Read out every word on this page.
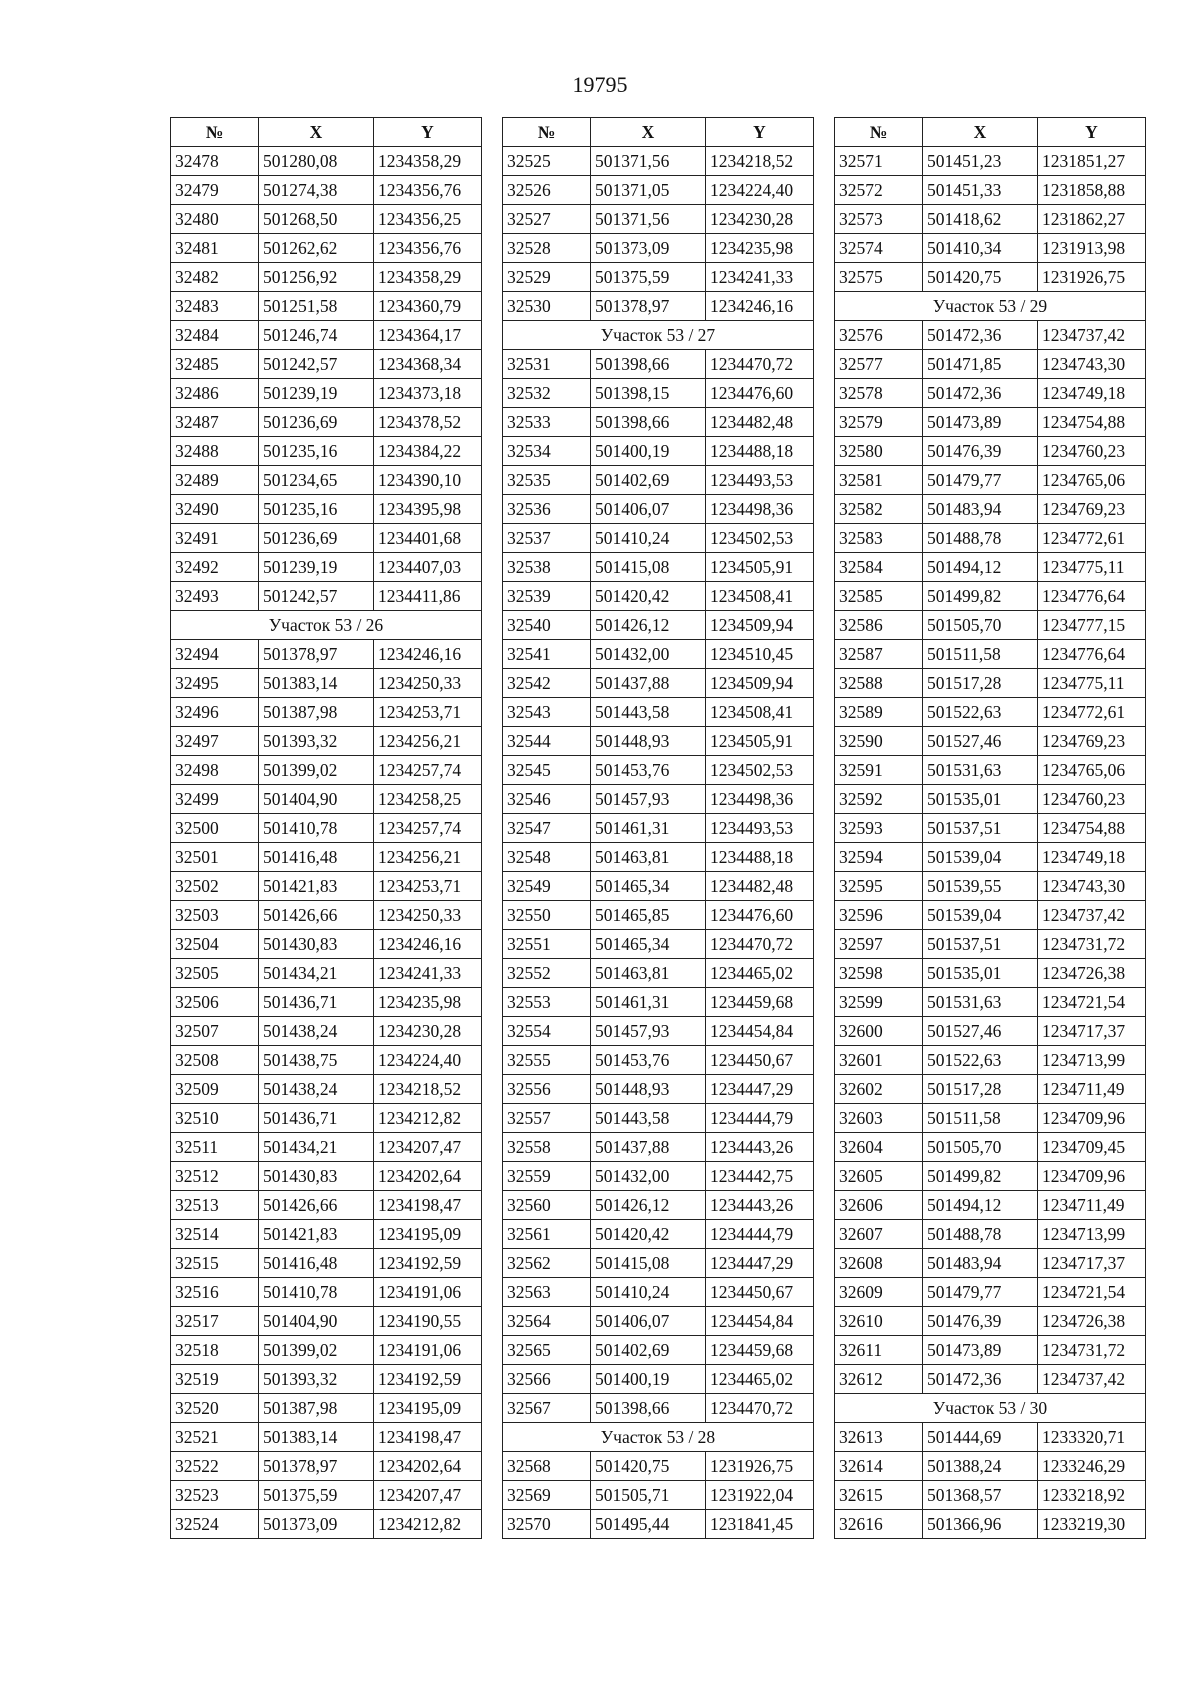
19795
№	X	Y
32478	501280,08	1234358,29
32479	501274,38	1234356,76
32480	501268,50	1234356,25
32481	501262,62	1234356,76
32482	501256,92	1234358,29
32483	501251,58	1234360,79
32484	501246,74	1234364,17
32485	501242,57	1234368,34
32486	501239,19	1234373,18
32487	501236,69	1234378,52
32488	501235,16	1234384,22
32489	501234,65	1234390,10
32490	501235,16	1234395,98
32491	501236,69	1234401,68
32492	501239,19	1234407,03
32493	501242,57	1234411,86
Участок 53 / 26		
32494	501378,97	1234246,16
32495	501383,14	1234250,33
32496	501387,98	1234253,71
32497	501393,32	1234256,21
32498	501399,02	1234257,74
32499	501404,90	1234258,25
32500	501410,78	1234257,74
32501	501416,48	1234256,21
32502	501421,83	1234253,71
32503	501426,66	1234250,33
32504	501430,83	1234246,16
32505	501434,21	1234241,33
32506	501436,71	1234235,98
32507	501438,24	1234230,28
32508	501438,75	1234224,40
32509	501438,24	1234218,52
32510	501436,71	1234212,82
32511	501434,21	1234207,47
32512	501430,83	1234202,64
32513	501426,66	1234198,47
32514	501421,83	1234195,09
32515	501416,48	1234192,59
32516	501410,78	1234191,06
32517	501404,90	1234190,55
32518	501399,02	1234191,06
32519	501393,32	1234192,59
32520	501387,98	1234195,09
32521	501383,14	1234198,47
32522	501378,97	1234202,64
32523	501375,59	1234207,47
32524	501373,09	1234212,82
№	X	Y
32525	501371,56	1234218,52
32526	501371,05	1234224,40
32527	501371,56	1234230,28
32528	501373,09	1234235,98
32529	501375,59	1234241,33
32530	501378,97	1234246,16
Участок 53 / 27		
32531	501398,66	1234470,72
32532	501398,15	1234476,60
32533	501398,66	1234482,48
32534	501400,19	1234488,18
32535	501402,69	1234493,53
32536	501406,07	1234498,36
32537	501410,24	1234502,53
32538	501415,08	1234505,91
32539	501420,42	1234508,41
32540	501426,12	1234509,94
32541	501432,00	1234510,45
32542	501437,88	1234509,94
32543	501443,58	1234508,41
32544	501448,93	1234505,91
32545	501453,76	1234502,53
32546	501457,93	1234498,36
32547	501461,31	1234493,53
32548	501463,81	1234488,18
32549	501465,34	1234482,48
32550	501465,85	1234476,60
32551	501465,34	1234470,72
32552	501463,81	1234465,02
32553	501461,31	1234459,68
32554	501457,93	1234454,84
32555	501453,76	1234450,67
32556	501448,93	1234447,29
32557	501443,58	1234444,79
32558	501437,88	1234443,26
32559	501432,00	1234442,75
32560	501426,12	1234443,26
32561	501420,42	1234444,79
32562	501415,08	1234447,29
32563	501410,24	1234450,67
32564	501406,07	1234454,84
32565	501402,69	1234459,68
32566	501400,19	1234465,02
32567	501398,66	1234470,72
Участок 53 / 28		
32568	501420,75	1231926,75
32569	501505,71	1231922,04
32570	501495,44	1231841,45
№	X	Y
32571	501451,23	1231851,27
32572	501451,33	1231858,88
32573	501418,62	1231862,27
32574	501410,34	1231913,98
32575	501420,75	1231926,75
Участок 53 / 29		
32576	501472,36	1234737,42
32577	501471,85	1234743,30
32578	501472,36	1234749,18
32579	501473,89	1234754,88
32580	501476,39	1234760,23
32581	501479,77	1234765,06
32582	501483,94	1234769,23
32583	501488,78	1234772,61
32584	501494,12	1234775,11
32585	501499,82	1234776,64
32586	501505,70	1234777,15
32587	501511,58	1234776,64
32588	501517,28	1234775,11
32589	501522,63	1234772,61
32590	501527,46	1234769,23
32591	501531,63	1234765,06
32592	501535,01	1234760,23
32593	501537,51	1234754,88
32594	501539,04	1234749,18
32595	501539,55	1234743,30
32596	501539,04	1234737,42
32597	501537,51	1234731,72
32598	501535,01	1234726,38
32599	501531,63	1234721,54
32600	501527,46	1234717,37
32601	501522,63	1234713,99
32602	501517,28	1234711,49
32603	501511,58	1234709,96
32604	501505,70	1234709,45
32605	501499,82	1234709,96
32606	501494,12	1234711,49
32607	501488,78	1234713,99
32608	501483,94	1234717,37
32609	501479,77	1234721,54
32610	501476,39	1234726,38
32611	501473,89	1234731,72
32612	501472,36	1234737,42
Участок 53 / 30		
32613	501444,69	1233320,71
32614	501388,24	1233246,29
32615	501368,57	1233218,92
32616	501366,96	1233219,30
